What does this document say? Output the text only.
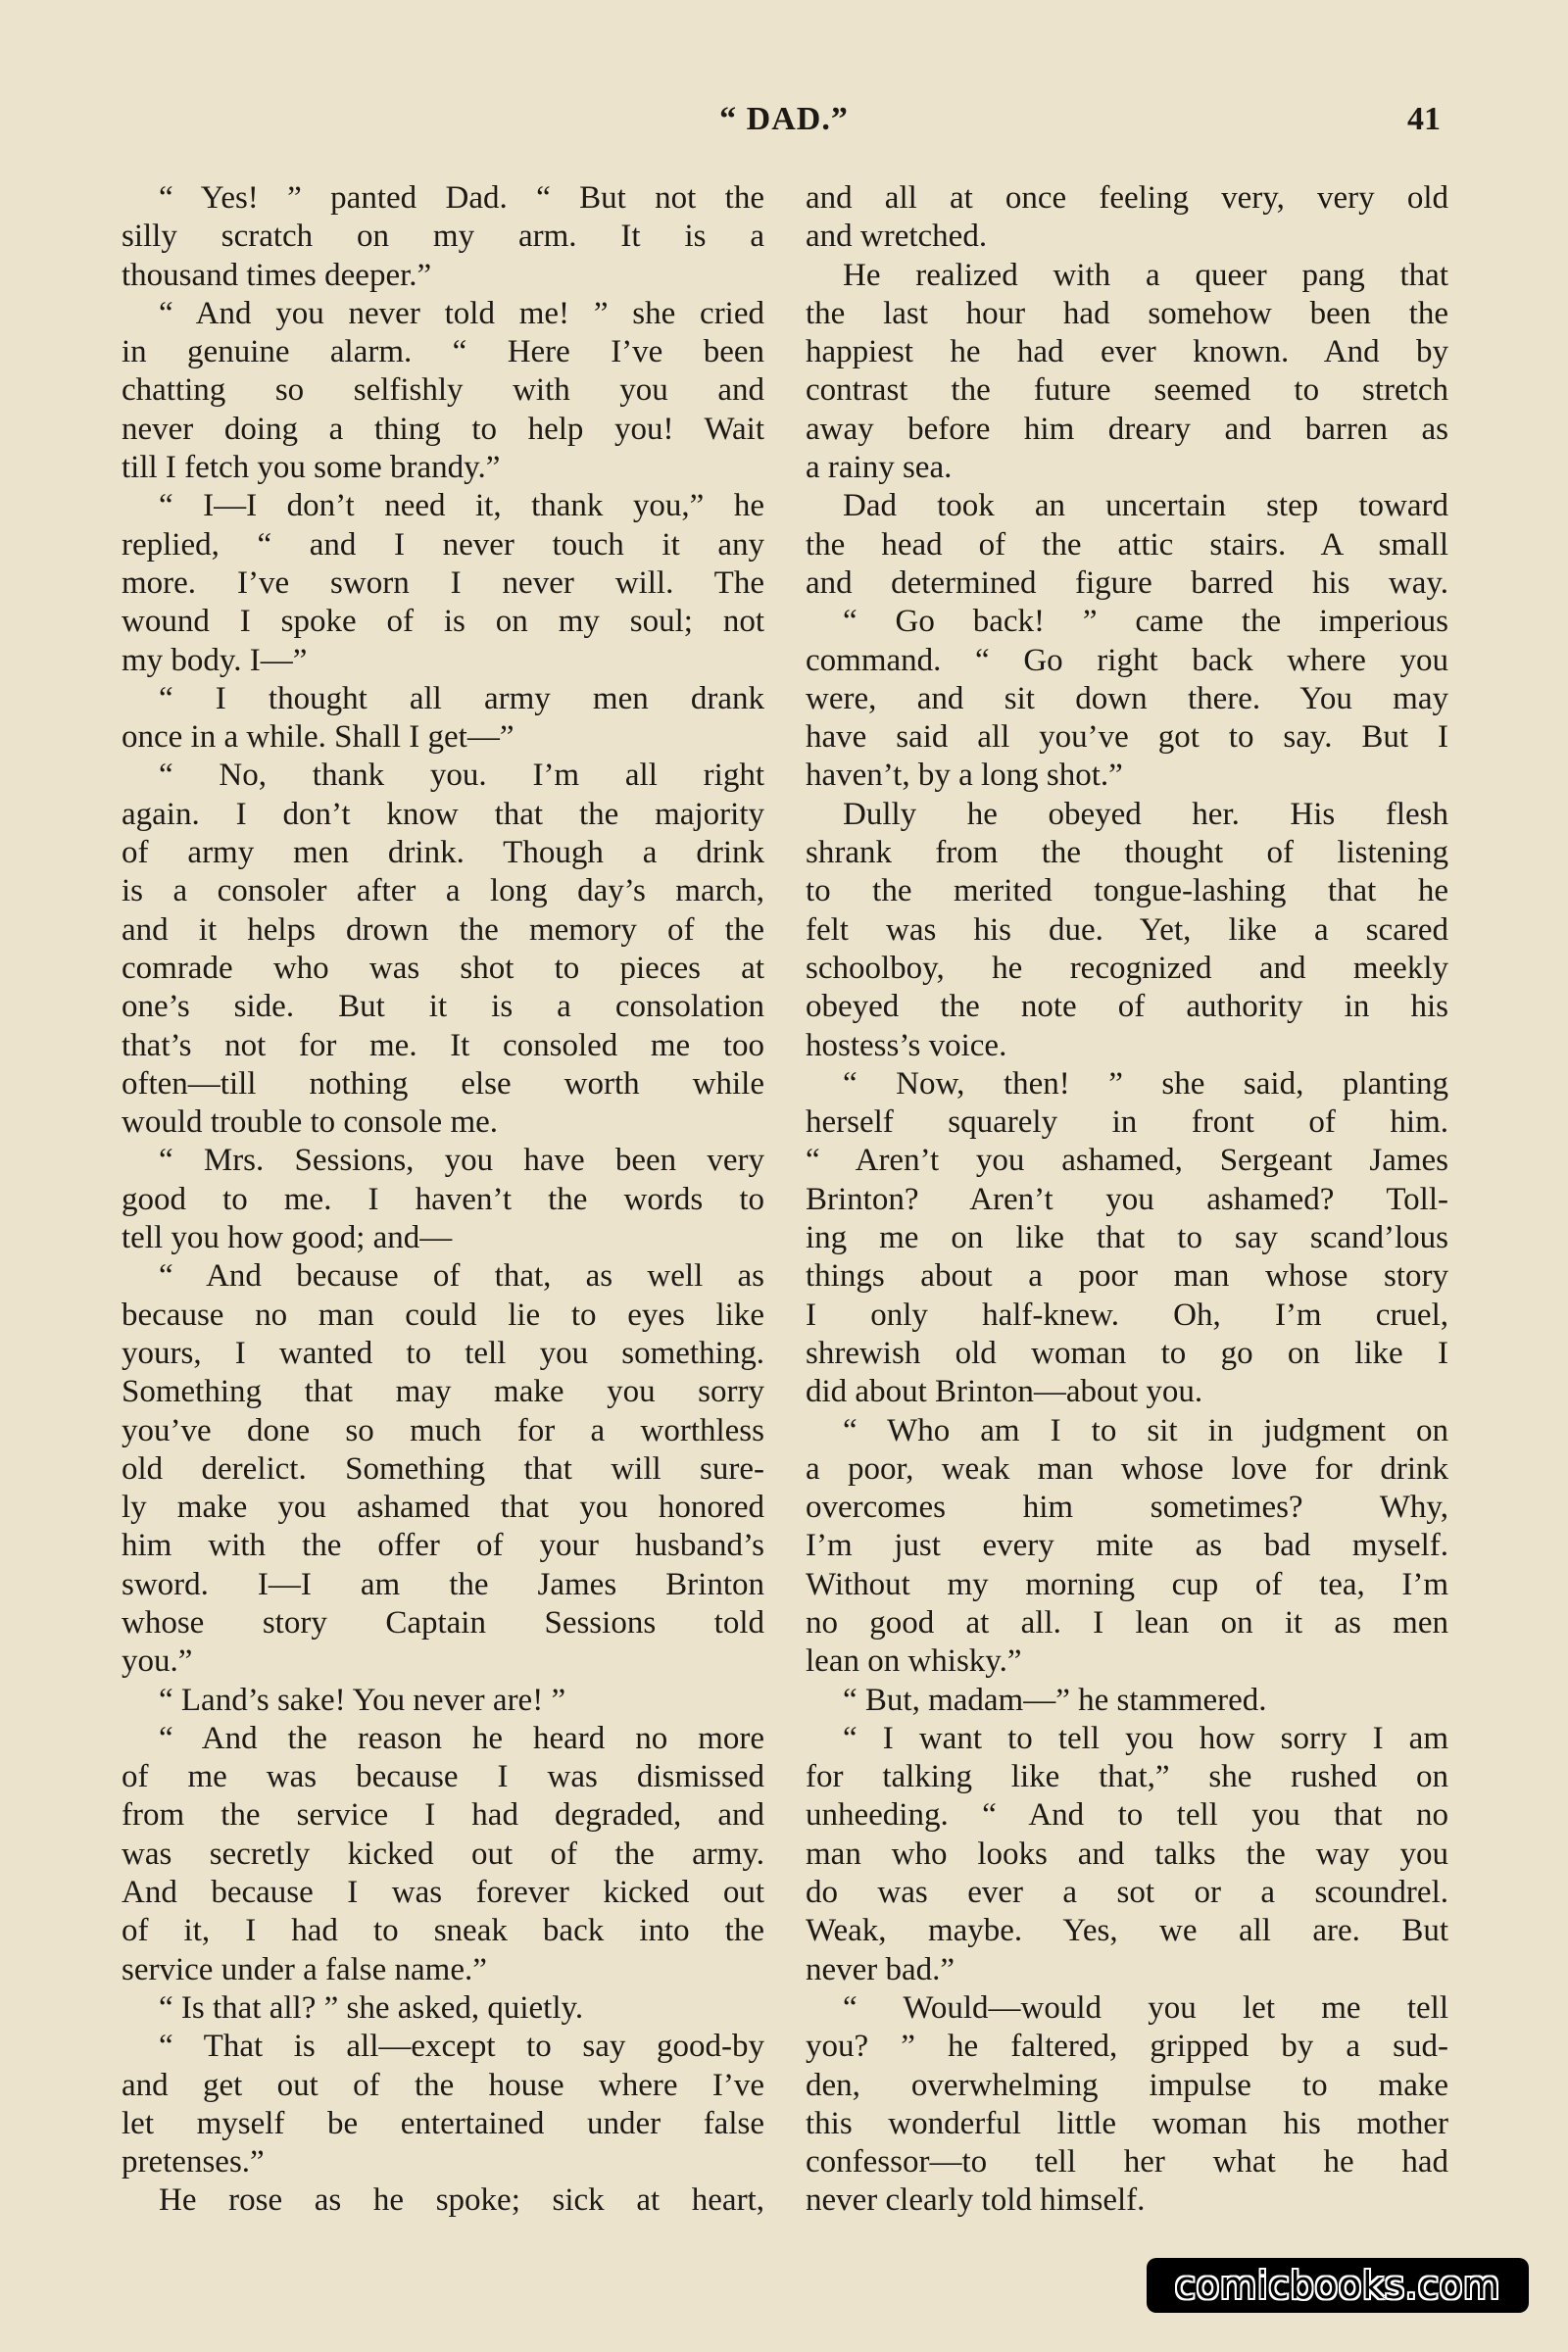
“ DAD.”	41
“ Yes! ” panted Dad. “ But not the
silly scratch on my arm. It is a
thousand times deeper.”
“ And you never told me! ” she cried
in genuine alarm. “ Here I’ve been
chatting so selfishly with you and
never doing a thing to help you! Wait
till I fetch you some brandy.”
“ I—I don’t need it, thank you,” he
replied, “ and I never touch it any
more. I’ve sworn I never will. The
wound I spoke of is on my soul; not
my body. I—”
“ I thought all army men drank
once in a while. Shall I get—”
“ No, thank you. I’m all right
again. I don’t know that the majority
of army men drink. Though a drink
is a consoler after a long day’s march,
and it helps drown the memory of the
comrade who was shot to pieces at
one’s side. But it is a consolation
that’s not for me. It consoled me too
often—till nothing else worth while
would trouble to console me.
“ Mrs. Sessions, you have been very
good to me. I haven’t the words to
tell you how good; and—
“ And because of that, as well as
because no man could lie to eyes like
yours, I wanted to tell you something.
Something that may make you sorry
you’ve done so much for a worthless
old derelict. Something that will sure-
ly make you ashamed that you honored
him with the offer of your husband’s
sword. I—I am the James Brinton
whose story Captain Sessions told
you.”
“ Land’s sake! You never are! ”
“ And the reason he heard no more
of me was because I was dismissed
from the service I had degraded, and
was secretly kicked out of the army.
And because I was forever kicked out
of it, I had to sneak back into the
service under a false name.”
“ Is that all? ” she asked, quietly.
“ That is all—except to say good-by
and get out of the house where I’ve
let myself be entertained under false
pretenses.”
He rose as he spoke; sick at heart,
and all at once feeling very, very old
and wretched.
He realized with a queer pang that
the last hour had somehow been the
happiest he had ever known. And by
contrast the future seemed to stretch
away before him dreary and barren as
a rainy sea.
Dad took an uncertain step toward
the head of the attic stairs. A small
and determined figure barred his way.
“ Go back! ” came the imperious
command. “ Go right back where you
were, and sit down there. You may
have said all you’ve got to say. But I
haven’t, by a long shot.”
Dully he obeyed her. His flesh
shrank from the thought of listening
to the merited tongue-lashing that he
felt was his due. Yet, like a scared
schoolboy, he recognized and meekly
obeyed the note of authority in his
hostess’s voice.
“ Now, then! ” she said, planting
herself squarely in front of him.
“ Aren’t you ashamed, Sergeant James
Brinton? Aren’t you ashamed? Toll-
ing me on like that to say scand’lous
things about a poor man whose story
I only half-knew. Oh, I’m cruel,
shrewish old woman to go on like I
did about Brinton—about you.
“ Who am I to sit in judgment on
a poor, weak man whose love for drink
overcomes him sometimes? Why,
I’m just every mite as bad myself.
Without my morning cup of tea, I’m
no good at all. I lean on it as men
lean on whisky.”
“ But, madam—” he stammered.
“ I want to tell you how sorry I am
for talking like that,” she rushed on
unheeding. “ And to tell you that no
man who looks and talks the way you
do was ever a sot or a scoundrel.
Weak, maybe. Yes, we all are. But
never bad.”
“ Would—would you let me tell
you? ” he faltered, gripped by a sud-
den, overwhelming impulse to make
this wonderful little woman his mother
confessor—to tell her what he had
never clearly told himself.
comicbooks.com
